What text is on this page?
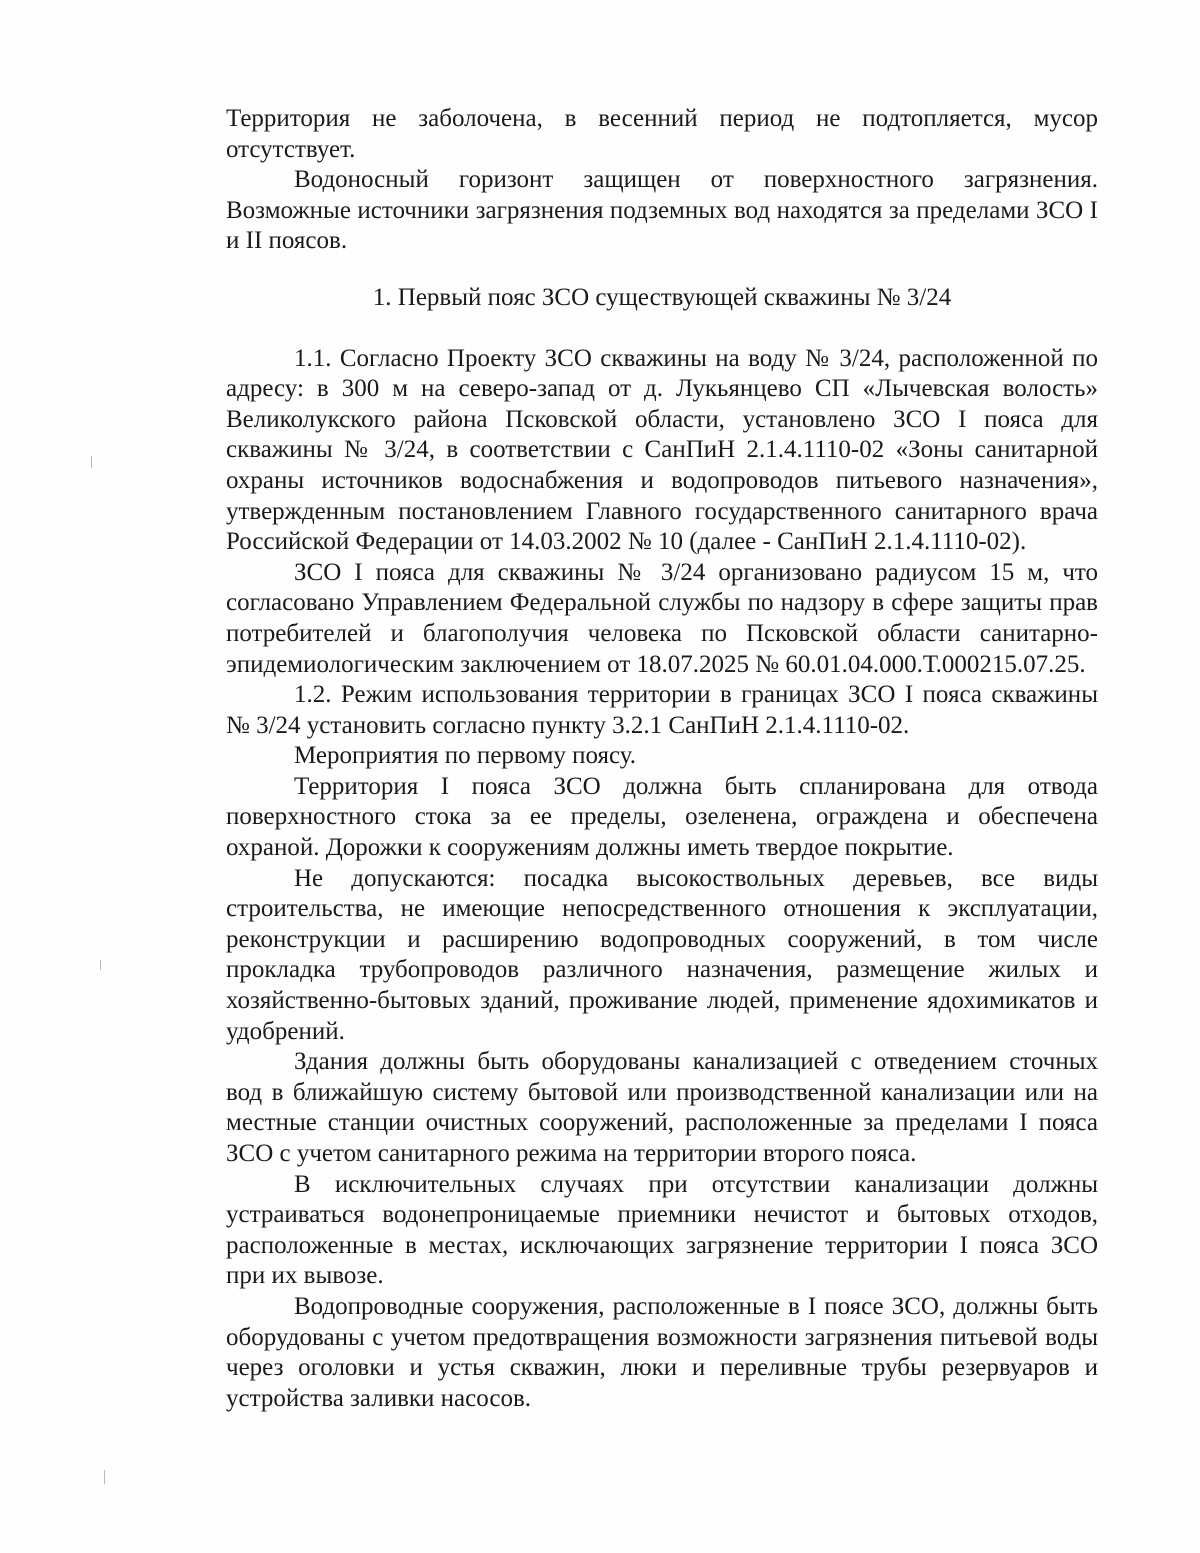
Территория не заболочена, в весенний период не подтопляется, мусор отсутствует.

Водоносный горизонт защищен от поверхностного загрязнения. Возможные источники загрязнения подземных вод находятся за пределами ЗСО I и II поясов.

1. Первый пояс ЗСО существующей скважины № 3/24

1.1. Согласно Проекту ЗСО скважины на воду № 3/24, расположенной по адресу: в 300 м на северо-запад от д. Лукьянцево СП «Лычевская волость» Великолукского района Псковской области, установлено ЗСО I пояса для скважины № 3/24, в соответствии с СанПиН 2.1.4.1110-02 «Зоны санитарной охраны источников водоснабжения и водопроводов питьевого назначения», утвержденным постановлением Главного государственного санитарного врача Российской Федерации от 14.03.2002 № 10 (далее - СанПиН 2.1.4.1110-02).

ЗСО I пояса для скважины № 3/24 организовано радиусом 15 м, что согласовано Управлением Федеральной службы по надзору в сфере защиты прав потребителей и благополучия человека по Псковской области санитарно-эпидемиологическим заключением от 18.07.2025 № 60.01.04.000.Т.000215.07.25.

1.2. Режим использования территории в границах ЗСО I пояса скважины № 3/24 установить согласно пункту 3.2.1 СанПиН 2.1.4.1110-02.

Мероприятия по первому поясу.

Территория I пояса ЗСО должна быть спланирована для отвода поверхностного стока за ее пределы, озеленена, ограждена и обеспечена охраной. Дорожки к сооружениям должны иметь твердое покрытие.

Не допускаются: посадка высокоствольных деревьев, все виды строительства, не имеющие непосредственного отношения к эксплуатации, реконструкции и расширению водопроводных сооружений, в том числе прокладка трубопроводов различного назначения, размещение жилых и хозяйственно-бытовых зданий, проживание людей, применение ядохимикатов и удобрений.

Здания должны быть оборудованы канализацией с отведением сточных вод в ближайшую систему бытовой или производственной канализации или на местные станции очистных сооружений, расположенные за пределами I пояса ЗСО с учетом санитарного режима на территории второго пояса.

В исключительных случаях при отсутствии канализации должны устраиваться водонепроницаемые приемники нечистот и бытовых отходов, расположенные в местах, исключающих загрязнение территории I пояса ЗСО при их вывозе.

Водопроводные сооружения, расположенные в I поясе ЗСО, должны быть оборудованы с учетом предотвращения возможности загрязнения питьевой воды через оголовки и устья скважин, люки и переливные трубы резервуаров и устройства заливки насосов.
